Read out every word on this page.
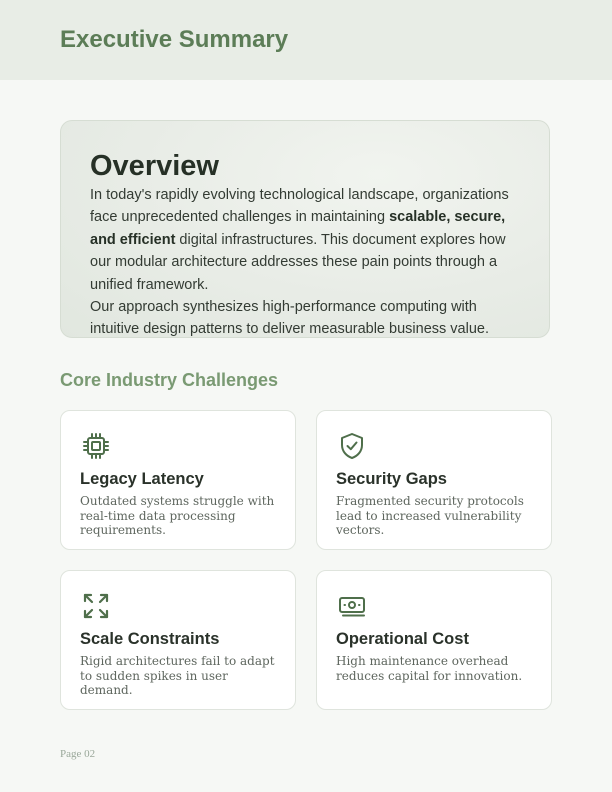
Executive Summary
Overview

In today's rapidly evolving technological landscape, organizations face unprecedented challenges in maintaining scalable, secure, and efficient digital infrastructures. This document explores how our modular architecture addresses these pain points through a unified framework.

Our approach synthesizes high-performance computing with intuitive design patterns to deliver measurable business value.

Core Industry Challenges
Legacy Latency

Outdated systems struggle with real-time data processing requirements.

Security Gaps

Fragmented security protocols lead to increased vulnerability vectors.

Scale Constraints

Rigid architectures fail to adapt to sudden spikes in user demand.

Operational Cost

High maintenance overhead reduces capital for innovation.

Page 02
